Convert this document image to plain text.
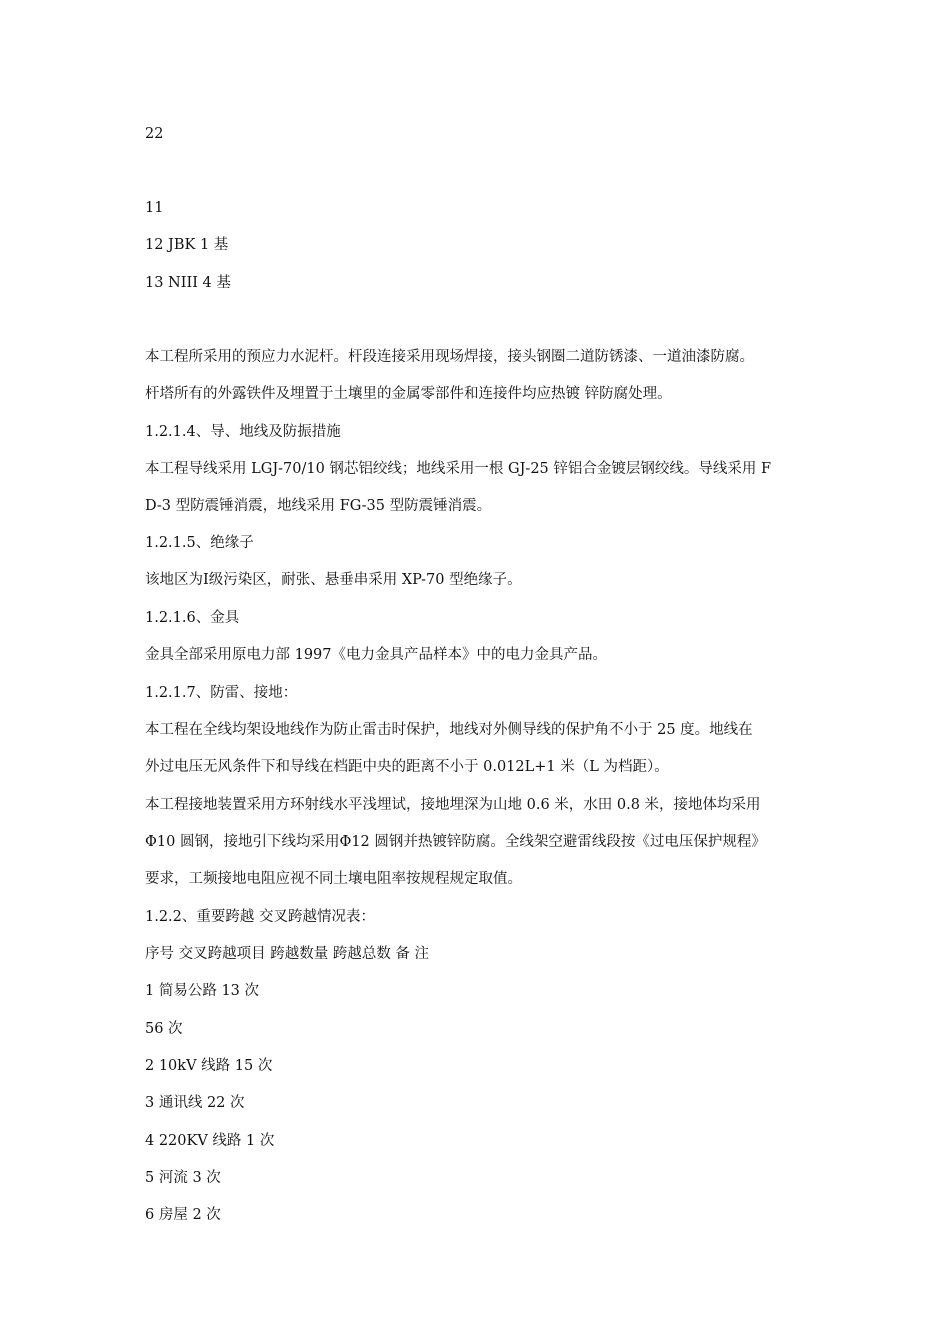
22
11
12 JBK 1 基
13 NIII 4 基
本工程所采用的预应力水泥杆。杆段连接采用现场焊接，接头钢圈二道防锈漆、一道油漆防腐。
杆塔所有的外露铁件及埋置于土壤里的金属零部件和连接件均应热镀 锌防腐处理。
1.2.1.4、导、地线及防振措施
本工程导线采用 LGJ-70/10 钢芯铝绞线；地线采用一根 GJ-25 锌铝合金镀层钢绞线。导线采用 F
D-3 型防震锤消震，地线采用 FG-35 型防震锤消震。
1.2.1.5、绝缘子
该地区为Ⅰ级污染区，耐张、悬垂串采用 XP-70 型绝缘子。
1.2.1.6、金具
金具全部采用原电力部 1997《电力金具产品样本》中的电力金具产品。
1.2.1.7、防雷、接地：
本工程在全线均架设地线作为防止雷击时保护，地线对外侧导线的保护角不小于 25 度。地线在
外过电压无风条件下和导线在档距中央的距离不小于 0.012L+1 米（L 为档距）。
本工程接地装置采用方环射线水平浅埋试，接地埋深为山地 0.6 米，水田 0.8 米，接地体均采用
Φ10 圆钢，接地引下线均采用Φ12 圆钢并热镀锌防腐。全线架空避雷线段按《过电压保护规程》
要求，工频接地电阻应视不同土壤电阻率按规程规定取值。
1.2.2、重要跨越 交叉跨越情况表：
序号 交叉跨越项目 跨越数量 跨越总数 备 注
1 简易公路 13 次
56 次
2 10kV 线路 15 次
3 通讯线 22 次
4 220KV 线路 1 次
5 河流 3 次
6 房屋 2 次
